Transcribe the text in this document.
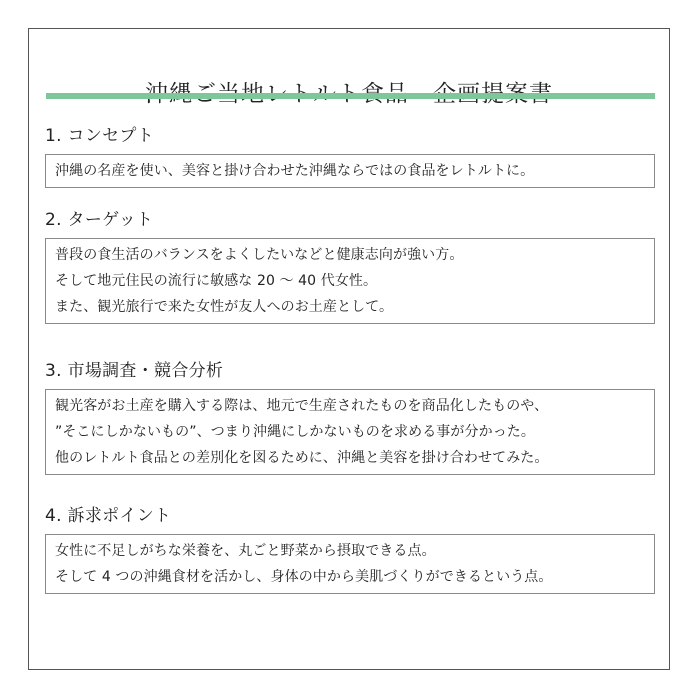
1. コンセプト
沖縄の名産を使い、美容と掛け合わせた沖縄ならではの食品をレトルトに。
2. ターゲット
普段の食生活のバランスをよくしたいなどと健康志向が強い方。
そして地元住民の流行に敏感な 20 ～ 40 代女性。
また、観光旅行で来た女性が友人へのお土産として。
3. 市場調査・競合分析
観光客がお土産を購入する際は、地元で生産されたものを商品化したものや、
”そこにしかないもの”、つまり沖縄にしかないものを求める事が分かった。
他のレトルト食品との差別化を図るために、沖縄と美容を掛け合わせてみた。
4. 訴求ポイント
女性に不足しがちな栄養を、丸ごと野菜から摂取できる点。
そして 4 つの沖縄食材を活かし、身体の中から美肌づくりができるという点。
